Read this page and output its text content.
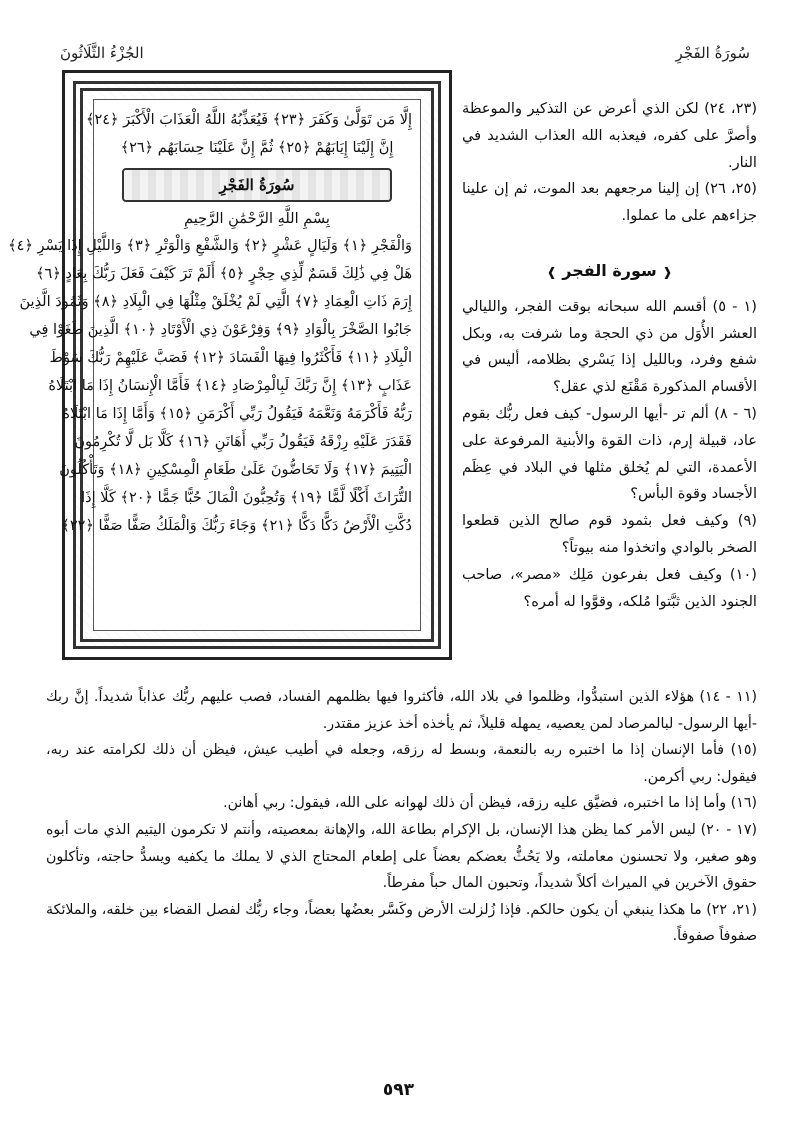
الجُزْءُ الثَّلَاثُونَ	سُورَةُ الفَجْرِ
إِلَّا مَن تَوَلَّىٰ وَكَفَرَ ﴿٢٣﴾ فَيُعَذِّبُهُ اللَّهُ الْعَذَابَ الْأَكْبَرَ ﴿٢٤﴾
إِنَّ إِلَيْنَا إِيَابَهُمْ ﴿٢٥﴾ ثُمَّ إِنَّ عَلَيْنَا حِسَابَهُم ﴿٢٦﴾
سُورَةُ الفَجْرِ
بِسْمِ اللَّهِ الرَّحْمَٰنِ الرَّحِيمِ
وَالْفَجْرِ ﴿١﴾ وَلَيَالٍ عَشْرٍ ﴿٢﴾ وَالشَّفْعِ وَالْوَتْرِ ﴿٣﴾ وَاللَّيْلِ إِذَا يَسْرِ ﴿٤﴾
هَلْ فِي ذَٰلِكَ قَسَمٌ لِّذِي حِجْرٍ ﴿٥﴾ أَلَمْ تَرَ كَيْفَ فَعَلَ رَبُّكَ بِعَادٍ ﴿٦﴾
إِرَمَ ذَاتِ الْعِمَادِ ﴿٧﴾ الَّتِي لَمْ يُخْلَقْ مِثْلُهَا فِي الْبِلَادِ ﴿٨﴾ وَثَمُودَ الَّذِينَ
جَابُوا الصَّخْرَ بِالْوَادِ ﴿٩﴾ وَفِرْعَوْنَ ذِي الْأَوْتَادِ ﴿١٠﴾ الَّذِينَ طَغَوْا فِي
الْبِلَادِ ﴿١١﴾ فَأَكْثَرُوا فِيهَا الْفَسَادَ ﴿١٢﴾ فَصَبَّ عَلَيْهِمْ رَبُّكَ سَوْطَ
عَذَابٍ ﴿١٣﴾ إِنَّ رَبَّكَ لَبِالْمِرْصَادِ ﴿١٤﴾ فَأَمَّا الْإِنسَانُ إِذَا مَا ابْتَلَاهُ
رَبُّهُ فَأَكْرَمَهُ وَنَعَّمَهُ فَيَقُولُ رَبِّي أَكْرَمَنِ ﴿١٥﴾ وَأَمَّا إِذَا مَا ابْتَلَاهُ
فَقَدَرَ عَلَيْهِ رِزْقَهُ فَيَقُولُ رَبِّي أَهَانَنِ ﴿١٦﴾ كَلَّا بَل لَّا تُكْرِمُونَ
الْيَتِيمَ ﴿١٧﴾ وَلَا تَحَاضُّونَ عَلَىٰ طَعَامِ الْمِسْكِينِ ﴿١٨﴾ وَتَأْكُلُونَ
التُّرَاثَ أَكْلًا لَّمًّا ﴿١٩﴾ وَتُحِبُّونَ الْمَالَ حُبًّا جَمًّا ﴿٢٠﴾ كَلَّا إِذَا
دُكَّتِ الْأَرْضُ دَكًّا دَكًّا ﴿٢١﴾ وَجَاءَ رَبُّكَ وَالْمَلَكُ صَفًّا صَفًّا ﴿٢٢﴾

(٢٣، ٢٤) لكن الذي أعرض عن التذكير والموعظة وأصرَّ على كفره، فيعذبه الله العذاب الشديد في النار.

(٢٥، ٢٦) إن إلينا مرجعهم بعد الموت، ثم إن علينا جزاءهم على ما عملوا.

❰ سورة الفجر ❱

(١ - ٥) أقسم الله سبحانه بوقت الفجر، والليالي العشر الأُوَل من ذي الحجة وما شرفت به، وبكل شفع وفرد، وبالليل إذا يَسْري بظلامه، أليس في الأقسام المذكورة مَقْنَع لذي عقل؟

(٦ - ٨) ألم تر -أيها الرسول- كيف فعل ربُّك بقوم عاد، قبيلة إرم، ذات القوة والأبنية المرفوعة على الأعمدة، التي لم يُخلق مثلها في البلاد في عِظَم الأجساد وقوة البأس؟

(٩) وكيف فعل بثمود قوم صالح الذين قطعوا الصخر بالوادي واتخذوا منه بيوتاً؟

(١٠) وكيف فعل بفرعون مَلِك «مصر»، صاحب الجنود الذين ثبَّتوا مُلكه، وقوَّوا له أمره؟

(١١ - ١٤) هؤلاء الذين استبدُّوا، وظلموا في بلاد الله، فأكثروا فيها بظلمهم الفساد، فصب عليهم ربُّك عذاباً شديداً. إنَّ ربك -أيها الرسول- لبالمرصاد لمن يعصيه، يمهله قليلاً، ثم يأخذه أخذ عزيز مقتدر.

(١٥) فأما الإنسان إذا ما اختبره ربه بالنعمة، وبسط له رزقه، وجعله في أطيب عيش، فيظن أن ذلك لكرامته عند ربه، فيقول: ربي أكرمن.

(١٦) وأما إذا ما اختبره، فضيَّق عليه رزقه، فيظن أن ذلك لهوانه على الله، فيقول: ربي أهانن.

(١٧ - ٢٠) ليس الأمر كما يظن هذا الإنسان، بل الإكرام بطاعة الله، والإهانة بمعصيته، وأنتم لا تكرمون اليتيم الذي مات أبوه وهو صغير، ولا تحسنون معاملته، ولا يَحُثُّ بعضكم بعضاً على إطعام المحتاج الذي لا يملك ما يكفيه ويسدُّ حاجته، وتأكلون حقوق الآخرين في الميراث أكلاً شديداً، وتحبون المال حباً مفرطاً.

(٢١، ٢٢) ما هكذا ينبغي أن يكون حالكم. فإذا زُلزلت الأرض وكَسَّر بعضُها بعضاً، وجاء ربُّك لفصل القضاء بين خلقه، والملائكة صفوفاً صفوفاً.

٥٩٣
